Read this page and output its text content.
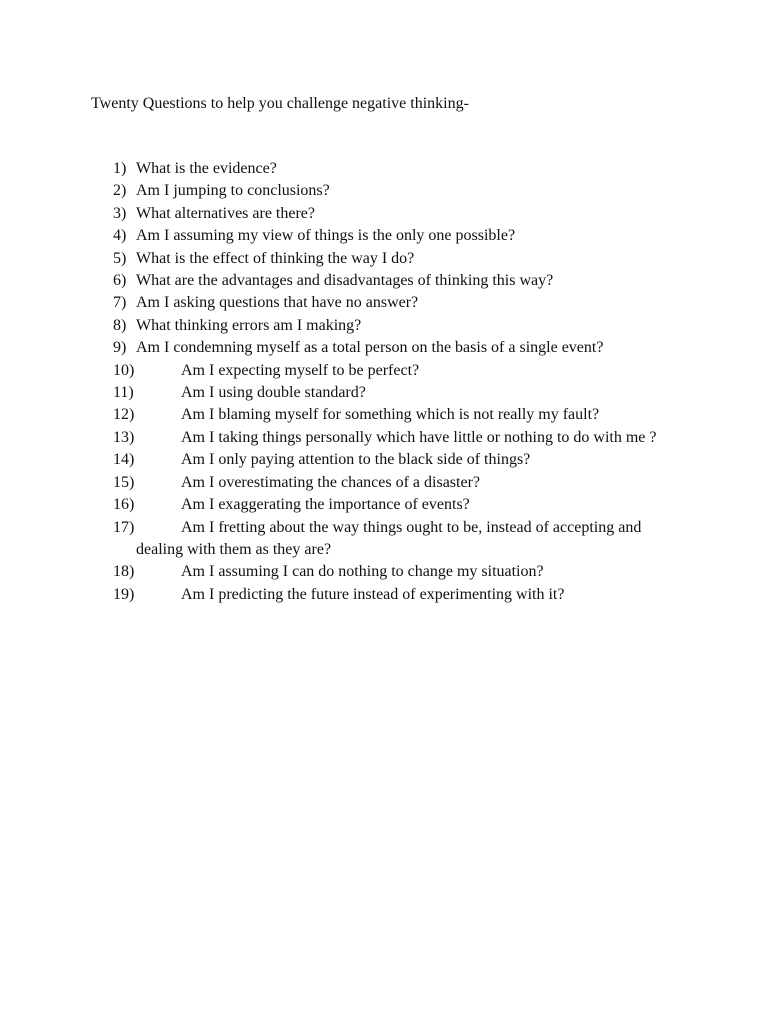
Twenty Questions to help you challenge negative thinking-
1) What is the evidence?
2) Am I jumping to conclusions?
3) What alternatives are there?
4) Am I assuming my view of things is the only one possible?
5) What is the effect of thinking the way I do?
6) What are the advantages and disadvantages of thinking this way?
7) Am I asking questions that have no answer?
8) What thinking errors am I making?
9) Am I condemning myself as a total person on the basis of a single event?
10)	Am I expecting myself to be perfect?
11)	Am I using double standard?
12)	Am I blaming myself for something which is not really my fault?
13)	Am I taking things personally which have little or nothing to do with me ?
14)	Am I only paying attention to the black side of things?
15)	Am I overestimating the chances of a disaster?
16)	Am I exaggerating the importance of events?
17)	Am I fretting about the way things ought to be, instead of accepting and dealing with them as they are?
18)	Am I assuming I can do nothing to change my situation?
19)	Am I predicting the future instead of experimenting with it?
